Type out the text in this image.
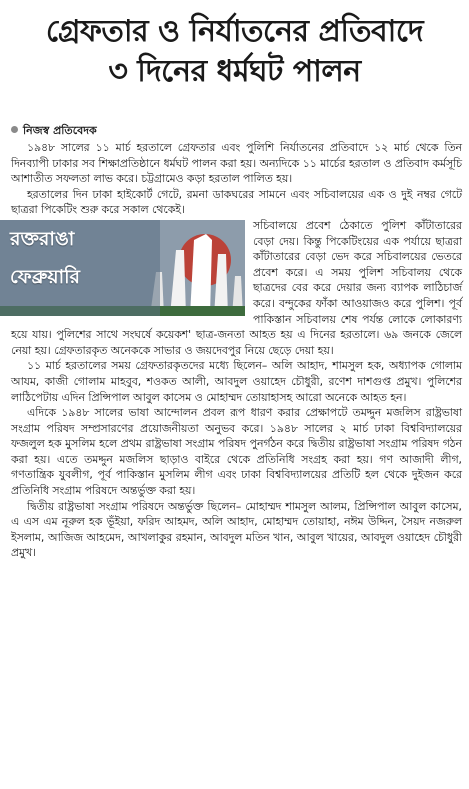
গ্রেফতার ও নির্যাতনের প্রতিবাদে
৩ দিনের ধর্মঘট পালন
নিজস্ব প্রতিবেদক

১৯৪৮ সালের ১১ মার্চ হরতালে গ্রেফতার এবং পুলিশি নির্যাতনের প্রতিবাদে ১২ মার্চ থেকে তিন দিনব্যাপী ঢাকার সব শিক্ষাপ্রতিষ্ঠানে ধর্মঘট পালন করা হয়। অন্যদিকে ১১ মার্চের হরতাল ও প্রতিবাদ কর্মসূচি আশাতীত সফলতা লাভ করে। চট্টগ্রামেও কড়া হরতাল পালিত হয়।

হরতালের দিন ঢাকা হাইকোর্ট গেটে, রমনা ডাকঘরের সামনে এবং সচিবালয়ের এক ও দুই নম্বর গেটে ছাত্ররা পিকেটিং শুরু করে সকাল থেকেই।

রক্তরাঙা
ফেব্রুয়ারি

সচিবালয়ে প্রবেশ ঠেকাতে পুলিশ কাঁটাতারের বেড়া দেয়। কিন্তু পিকেটিংয়ের এক পর্যায়ে ছাত্ররা কাঁটাতারের বেড়া ভেদ করে সচিবালয়ের ভেতরে প্রবেশ করে। এ সময় পুলিশ সচিবালয় থেকে ছাত্রদের বের করে দেয়ার জন্য ব্যাপক লাঠিচার্জ করে। বন্দুকের ফাঁকা আওয়াজও করে পুলিশ। পূর্ব পাকিস্তান সচিবালয় শেষ পর্যন্ত লোকে লোকারণ্য হয়ে যায়। পুলিশের সাথে সংঘর্ষে কয়েকশ' ছাত্র-জনতা আহত হয় এ দিনের হরতালে। ৬৯ জনকে জেলে নেয়া হয়। গ্রেফতারকৃত অনেককে সাভার ও জয়দেবপুর নিয়ে ছেড়ে দেয়া হয়।

১১ মার্চ হরতালের সময় গ্রেফতারকৃতদের মধ্যে ছিলেন– অলি আহাদ, শামসুল হক, অধ্যাপক গোলাম আযম, কাজী গোলাম মাহবুব, শওকত আলী, আবদুল ওয়াহেদ চৌধুরী, রণেশ দাশগুপ্ত প্রমুখ। পুলিশের লাঠিপেটায় এদিন প্রিন্সিপাল আবুল কাসেম ও মোহাম্মদ তোয়াহাসহ আরো অনেকে আহত হন।

এদিকে ১৯৪৮ সালের ভাষা আন্দোলন প্রবল রূপ ধারণ করার প্রেক্ষাপটে তমদ্দুন মজলিস রাষ্ট্রভাষা সংগ্রাম পরিষদ সম্প্রসারণের প্রয়োজনীয়তা অনুভব করে। ১৯৪৮ সালের ২ মার্চ ঢাকা বিশ্ববিদ্যালয়ের ফজলুল হক মুসলিম হলে প্রথম রাষ্ট্রভাষা সংগ্রাম পরিষদ পুনর্গঠন করে দ্বিতীয় রাষ্ট্রভাষা সংগ্রাম পরিষদ গঠন করা হয়। এতে তমদ্দুন মজলিস ছাড়াও বাইরে থেকে প্রতিনিধি সংগ্রহ করা হয়। গণ আজাদী লীগ, গণতান্ত্রিক যুবলীগ, পূর্ব পাকিস্তান মুসলিম লীগ এবং ঢাকা বিশ্ববিদ্যালয়ের প্রতিটি হল থেকে দুইজন করে প্রতিনিধি সংগ্রাম পরিষদে অন্তর্ভুক্ত করা হয়।

দ্বিতীয় রাষ্ট্রভাষা সংগ্রাম পরিষদে অন্তর্ভুক্ত ছিলেন– মোহাম্মদ শামসুল আলম, প্রিন্সিপাল আবুল কাসেম, এ এস এম নূরুল হক ভূঁইয়া, ফরিদ আহমদ, অলি আহাদ, মোহাম্মদ তোয়াহা, নঈম উদ্দিন, সৈয়দ নজরুল ইসলাম, আজিজ আহমেদ, আখলাকুর রহমান, আবদুল মতিন খান, আবুল খায়ের, আবদুল ওয়াহেদ চৌধুরী প্রমুখ।
